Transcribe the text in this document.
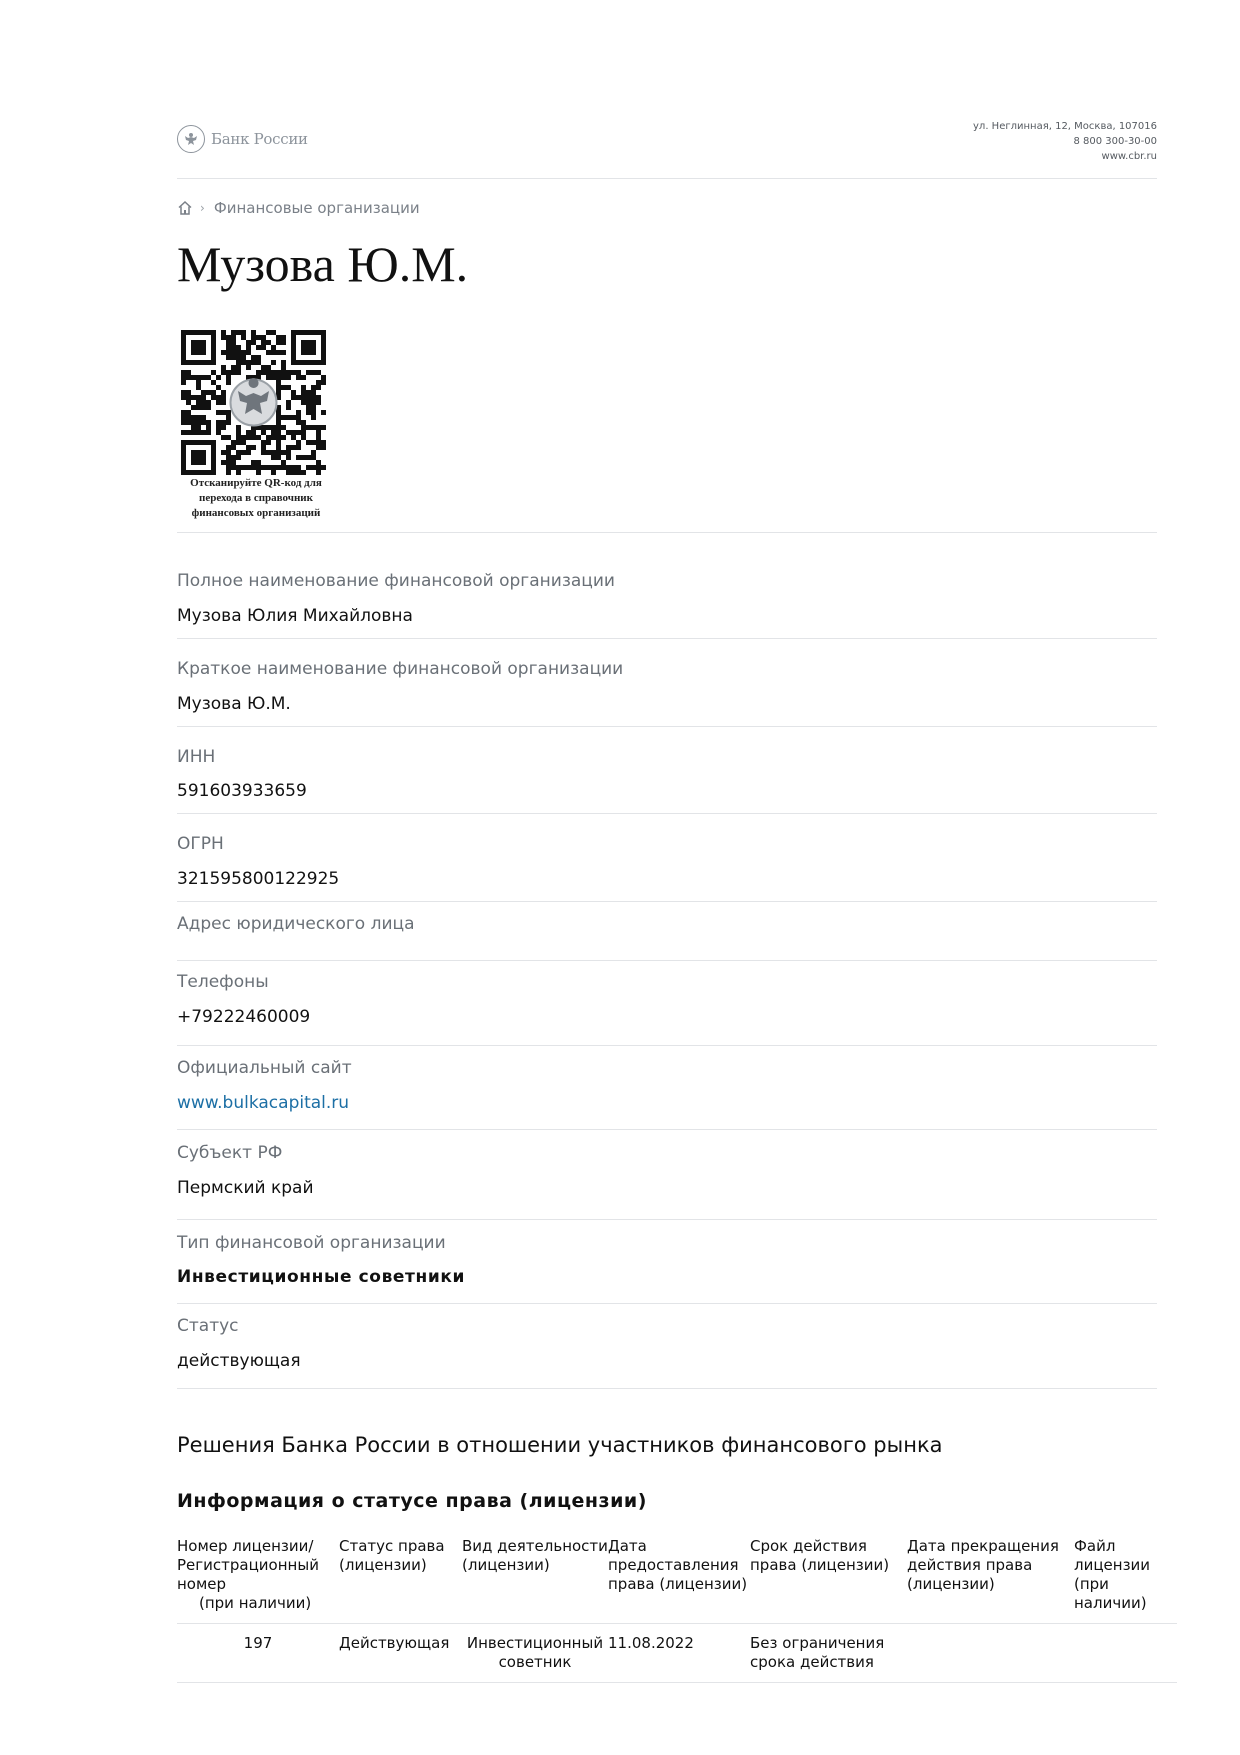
Банк России
ул. Неглинная, 12, Москва, 107016
8 800 300-30-00
www.cbr.ru
› Финансовые организации
Музова Ю.М.

Отсканируйте QR-код для перехода в справочник финансовых организаций

Полное наименование финансовой организации
Музова Юлия Михайловна
Краткое наименование финансовой организации
Музова Ю.М.
ИНН
591603933659
ОГРН
321595800122925
Адрес юридического лица
Телефоны
+79222460009
Официальный сайт
www.bulkacapital.ru
Субъект РФ
Пермский край
Тип финансовой организации
Инвестиционные советники
Статус
действующая
Решения Банка России в отношении участников финансового рынка
Информация о статусе права (лицензии)
Номер лицензии/ Регистрационный номер
(при наличии)	Статус права (лицензии)	Вид деятельности (лицензии)	Дата предоставления права (лицензии)	Срок действия права (лицензии)	Дата прекращения действия права (лицензии)	Файл лицензии (при наличии)
197	Действующая	Инвестиционный советник	11.08.2022	Без ограничения срока действия		
